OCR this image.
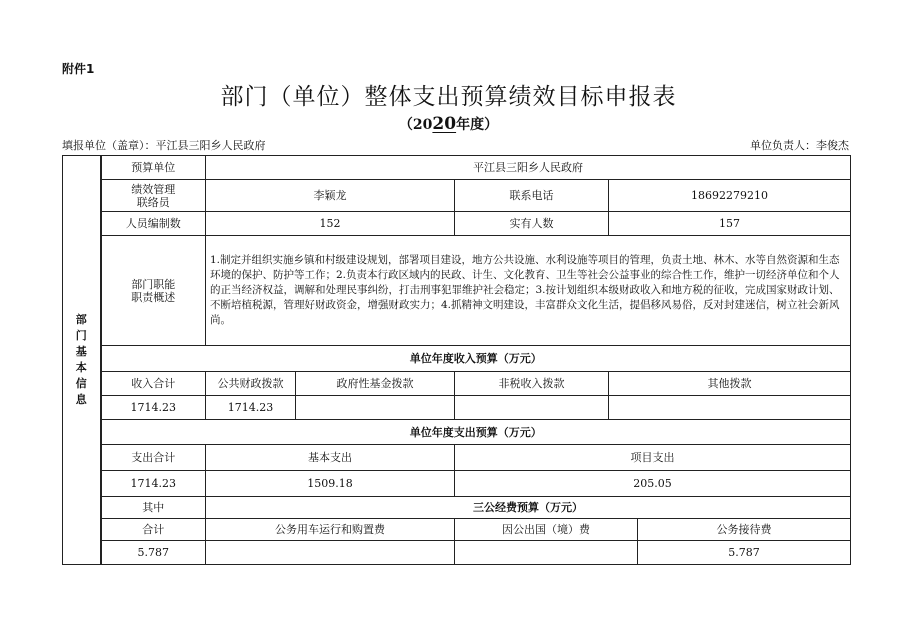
附件1
部门（单位）整体支出预算绩效目标申报表
（2020年度）
填报单位（盖章）：平江县三阳乡人民政府	单位负责人：李俊杰
部门基本信息	预算单位	平江县三阳乡人民政府				
	绩效管理
联络员	李颖龙		联系电话	18692279210	
	人员编制数	152		实有人数	157	
	部门职能
职责概述	1.制定并组织实施乡镇和村级建设规划，部署项目建设，地方公共设施、水利设施等项目的管理，负责土地、林木、水等自然资源和生态环境的保护、防护等工作；2.负责本行政区域内的民政、计生、文化教育、卫生等社会公益事业的综合性工作，维护一切经济单位和个人的正当经济权益，调解和处理民事纠纷，打击刑事犯罪维护社会稳定；3.按计划组织本级财政收入和地方税的征收，完成国家财政计划、不断培植税源，管理好财政资金，增强财政实力；4.抓精神文明建设，丰富群众文化生活，提倡移风易俗，反对封建迷信，树立社会新风尚。				
	单位年度收入预算（万元）					
	收入合计	公共财政拨款	政府性基金拨款	非税收入拨款	其他拨款	
	1714.23	1714.23				
	单位年度支出预算（万元）					
	支出合计	基本支出		项目支出		
	1714.23	1509.18		205.05		
	其中	三公经费预算（万元）				
	合计	公务用车运行和购置费		因公出国（境）费		公务接待费
	5.787					5.787
